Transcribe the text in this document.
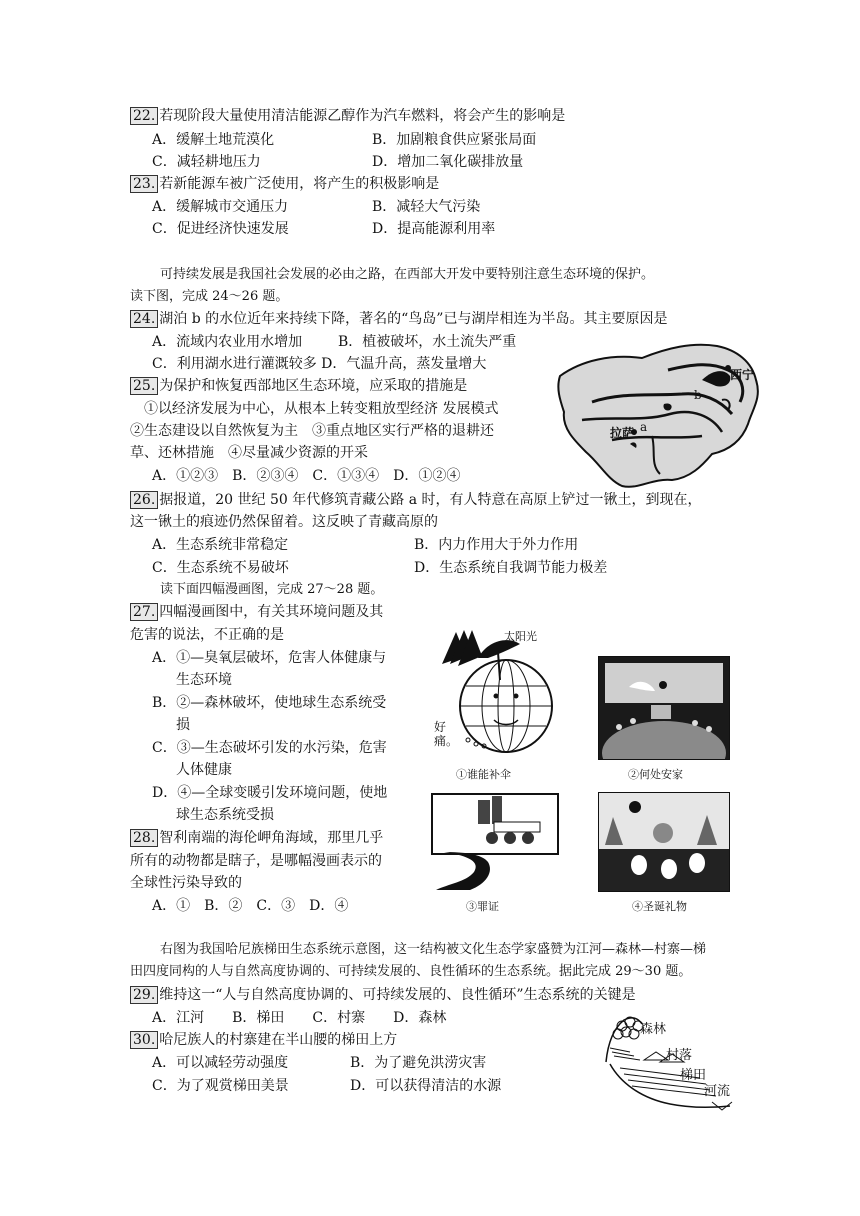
22. 若现阶段大量使用清洁能源乙醇作为汽车燃料，将会产生的影响是
A．缓解土地荒漠化	B．加剧粮食供应紧张局面
C．减轻耕地压力	D．增加二氧化碳排放量
23. 若新能源车被广泛使用，将产生的积极影响是
A．缓解城市交通压力	B．减轻大气污染
C．促进经济快速发展	D．提高能源利用率
可持续发展是我国社会发展的必由之路，在西部大开发中要特别注意生态环境的保护。
读下图，完成 24～26 题。
24. 湖泊 b 的水位近年来持续下降，著名的“鸟岛”已与湖岸相连为半岛。其主要原因是
A．流域内农业用水增加	B．植被破坏，水土流失严重
C．利用湖水进行灌溉较多 D．气温升高，蒸发量增大
25. 为保护和恢复西部地区生态环境，应采取的措施是
①以经济发展为中心，从根本上转变粗放型经济 发展模式
②生态建设以自然恢复为主　③重点地区实行严格的退耕还
草、还林措施　④尽量减少资源的开采
A．①②③　B．②③④　C．①③④　D．①②④
西宁
b
拉萨 a
26. 据报道，20 世纪 50 年代修筑青藏公路 a 时，有人特意在高原上铲过一锹土，到现在，
这一锹土的痕迹仍然保留着。这反映了青藏高原的
A．生态系统非常稳定	B．内力作用大于外力作用
C．生态系统不易破坏	D．生态系统自我调节能力极差
读下面四幅漫画图，完成 27～28 题。
27. 四幅漫画图中，有关其环境问题及其
危害的说法，不正确的是
A．①—臭氧层破坏，危害人体健康与
生态环境
B．②—森林破坏，使地球生态系统受
损
C．③—生态破坏引发的水污染，危害
人体健康
D．④—全球变暖引发环境问题，使地
球生态系统受损
28. 智利南端的海伦岬角海域，那里几乎
所有的动物都是瞎子，是哪幅漫画表示的
全球性污染导致的
A．①　B．②　C．③　D．④
太阳光
好
痛。
①谁能补伞	②何处安家
③罪证	④圣诞礼物
右图为我国哈尼族梯田生态系统示意图，这一结构被文化生态学家盛赞为江河—森林—村寨—梯
田四度同构的人与自然高度协调的、可持续发展的、良性循环的生态系统。据此完成 29～30 题。
29. 维持这一“人与自然高度协调的、可持续发展的、良性循环”生态系统的关键是
A．江河　　B．梯田　　C．村寨　　D．森林
30. 哈尼族人的村寨建在半山腰的梯田上方
A．可以减轻劳动强度	B．为了避免洪涝灾害
C．为了观赏梯田美景	D．可以获得清洁的水源
森林
村落
梯田
河流
